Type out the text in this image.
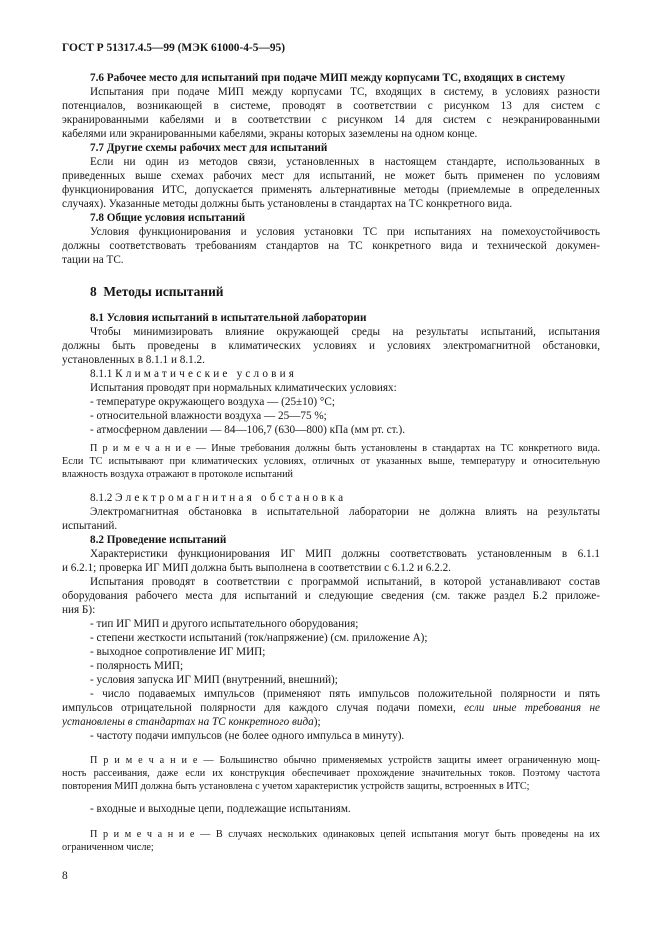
ГОСТ Р 51317.4.5—99 (МЭК 61000-4-5—95)
7.6 Рабочее место для испытаний при подаче МИП между корпусами ТС, входящих в систему
Испытания при подаче МИП между корпусами ТС, входящих в систему, в условиях разности
потенциалов, возникающей в системе, проводят в соответствии с рисунком 13 для систем с
экранированными кабелями и в соответствии с рисунком 14 для систем с неэкранированными
кабелями или экранированными кабелями, экраны которых заземлены на одном конце.
7.7 Другие схемы рабочих мест для испытаний
Если ни один из методов связи, установленных в настоящем стандарте, использованных в
приведенных выше схемах рабочих мест для испытаний, не может быть применен по условиям
функционирования ИТС, допускается применять альтернативные методы (приемлемые в определенных
случаях). Указанные методы должны быть установлены в стандартах на ТС конкретного вида.
7.8 Общие условия испытаний
Условия функционирования и условия установки ТС при испытаниях на помехоустойчивость
должны соответствовать требованиям стандартов на ТС конкретного вида и технической докумен-
тации на ТС.
8 Методы испытаний
8.1 Условия испытаний в испытательной лаборатории
Чтобы минимизировать влияние окружающей среды на результаты испытаний, испытания
должны быть проведены в климатических условиях и условиях электромагнитной обстановки,
установленных в 8.1.1 и 8.1.2.
8.1.1 Климатические условия
Испытания проводят при нормальных климатических условиях:
- температуре окружающего воздуха — (25±10) °С;
- относительной влажности воздуха — 25—75 %;
- атмосферном давлении — 84—106,7 (630—800) кПа (мм рт. ст.).
П р и м е ч а н и е — Иные требования должны быть установлены в стандартах на ТС конкретного вида.
Если ТС испытывают при климатических условиях, отличных от указанных выше, температуру и относительную
влажность воздуха отражают в протоколе испытаний
8.1.2 Электромагнитная обстановка
Электромагнитная обстановка в испытательной лаборатории не должна влиять на результаты
испытаний.
8.2 Проведение испытаний
Характеристики функционирования ИГ МИП должны соответствовать установленным в 6.1.1
и 6.2.1; проверка ИГ МИП должна быть выполнена в соответствии с 6.1.2 и 6.2.2.
Испытания проводят в соответствии с программой испытаний, в которой устанавливают состав
оборудования рабочего места для испытаний и следующие сведения (см. также раздел Б.2 приложе-
ния Б):
- тип ИГ МИП и другого испытательного оборудования;
- степени жесткости испытаний (ток/напряжение) (см. приложение А);
- выходное сопротивление ИГ МИП;
- полярность МИП;
- условия запуска ИГ МИП (внутренний, внешний);
- число подаваемых импульсов (применяют пять импульсов положительной полярности и пять
импульсов отрицательной полярности для каждого случая подачи помехи, если иные требования не
установлены в стандартах на ТС конкретного вида);
- частоту подачи импульсов (не более одного импульса в минуту).
П р и м е ч а н и е — Большинство обычно применяемых устройств защиты имеет ограниченную мощ-
ность рассеивания, даже если их конструкция обеспечивает прохождение значительных токов. Поэтому частота
повторения МИП должна быть установлена с учетом характеристик устройств защиты, встроенных в ИТС;
- входные и выходные цепи, подлежащие испытаниям.
П р и м е ч а н и е — В случаях нескольких одинаковых цепей испытания могут быть проведены на их
ограниченном числе;
8
